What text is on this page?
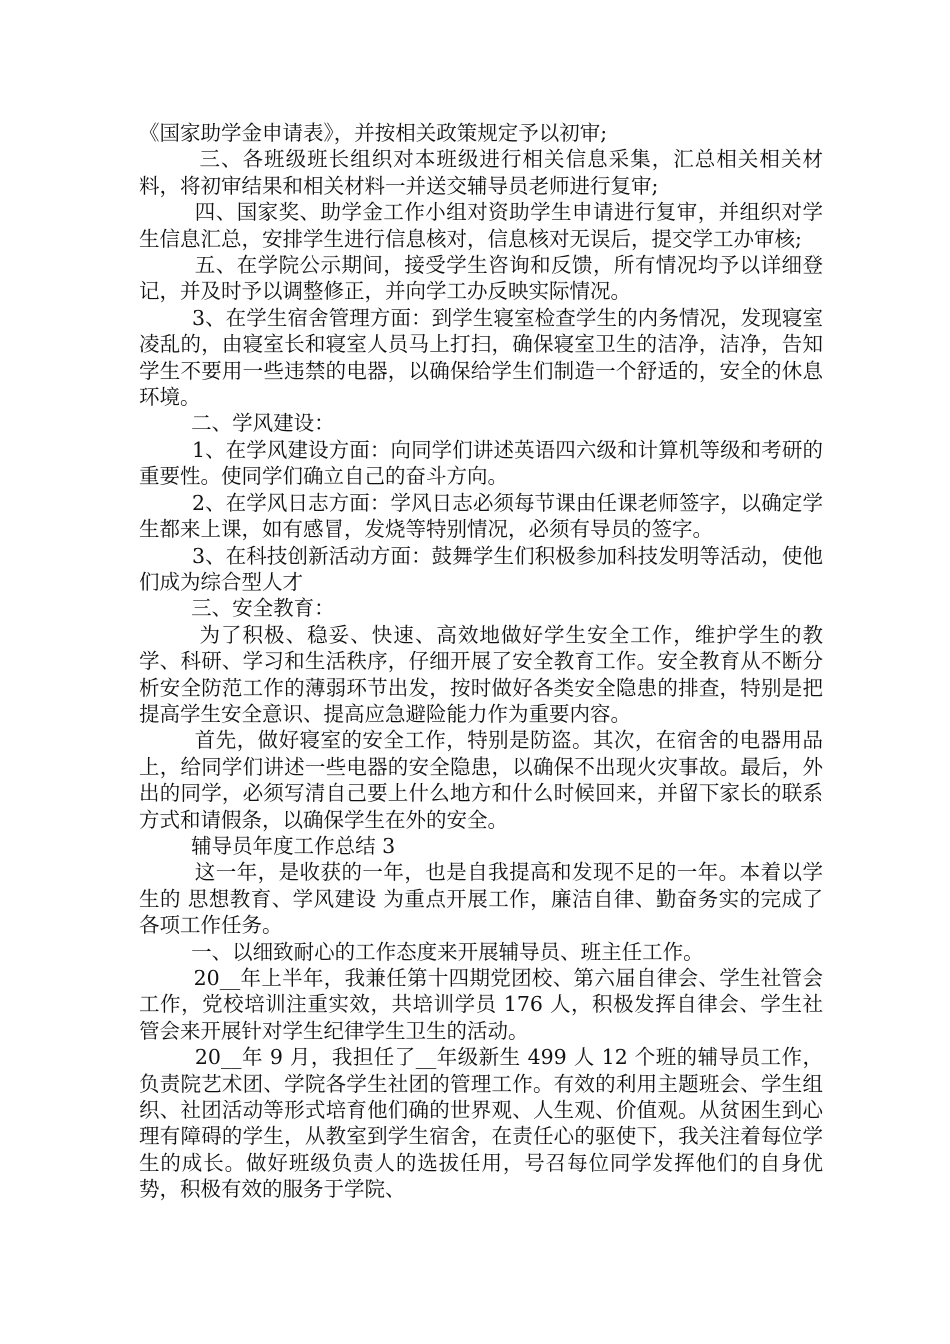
《国家助学金申请表》，并按相关政策规定予以初审;

三、各班级班长组织对本班级进行相关信息采集，汇总相关相关材料，将初审结果和相关材料一并送交辅导员老师进行复审;

四、国家奖、助学金工作小组对资助学生申请进行复审，并组织对学生信息汇总，安排学生进行信息核对，信息核对无误后，提交学工办审核;

五、在学院公示期间，接受学生咨询和反馈，所有情况均予以详细登记，并及时予以调整修正，并向学工办反映实际情况。

3、在学生宿舍管理方面：到学生寝室检查学生的内务情况，发现寝室凌乱的，由寝室长和寝室人员马上打扫，确保寝室卫生的洁净，洁净，告知学生不要用一些违禁的电器，以确保给学生们制造一个舒适的，安全的休息环境。

二、学风建设：

1、在学风建设方面：向同学们讲述英语四六级和计算机等级和考研的重要性。使同学们确立自己的奋斗方向。

2、在学风日志方面：学风日志必须每节课由任课老师签字，以确定学生都来上课，如有感冒，发烧等特别情况，必须有导员的签字。

3、在科技创新活动方面：鼓舞学生们积极参加科技发明等活动，使他们成为综合型人才

三、安全教育：

为了积极、稳妥、快速、高效地做好学生安全工作，维护学生的教学、科研、学习和生活秩序，仔细开展了安全教育工作。安全教育从不断分析安全防范工作的薄弱环节出发，按时做好各类安全隐患的排查，特别是把提高学生安全意识、提高应急避险能力作为重要内容。

首先，做好寝室的安全工作，特别是防盗。其次，在宿舍的电器用品上，给同学们讲述一些电器的安全隐患，以确保不出现火灾事故。最后，外出的同学，必须写清自己要上什么地方和什么时候回来，并留下家长的联系方式和请假条，以确保学生在外的安全。

辅导员年度工作总结 3

这一年，是收获的一年，也是自我提高和发现不足的一年。本着以学生的 思想教育、学风建设 为重点开展工作，廉洁自律、勤奋务实的完成了各项工作任务。

一、以细致耐心的工作态度来开展辅导员、班主任工作。

20__年上半年，我兼任第十四期党团校、第六届自律会、学生社管会工作，党校培训注重实效，共培训学员 176 人，积极发挥自律会、学生社管会来开展针对学生纪律学生卫生的活动。

20__年 9 月，我担任了__年级新生 499 人 12 个班的辅导员工作，负责院艺术团、学院各学生社团的管理工作。有效的利用主题班会、学生组织、社团活动等形式培育他们确的世界观、人生观、价值观。从贫困生到心理有障碍的学生，从教室到学生宿舍，在责任心的驱使下，我关注着每位学生的成长。做好班级负责人的选拔任用，号召每位同学发挥他们的自身优势，积极有效的服务于学院、
